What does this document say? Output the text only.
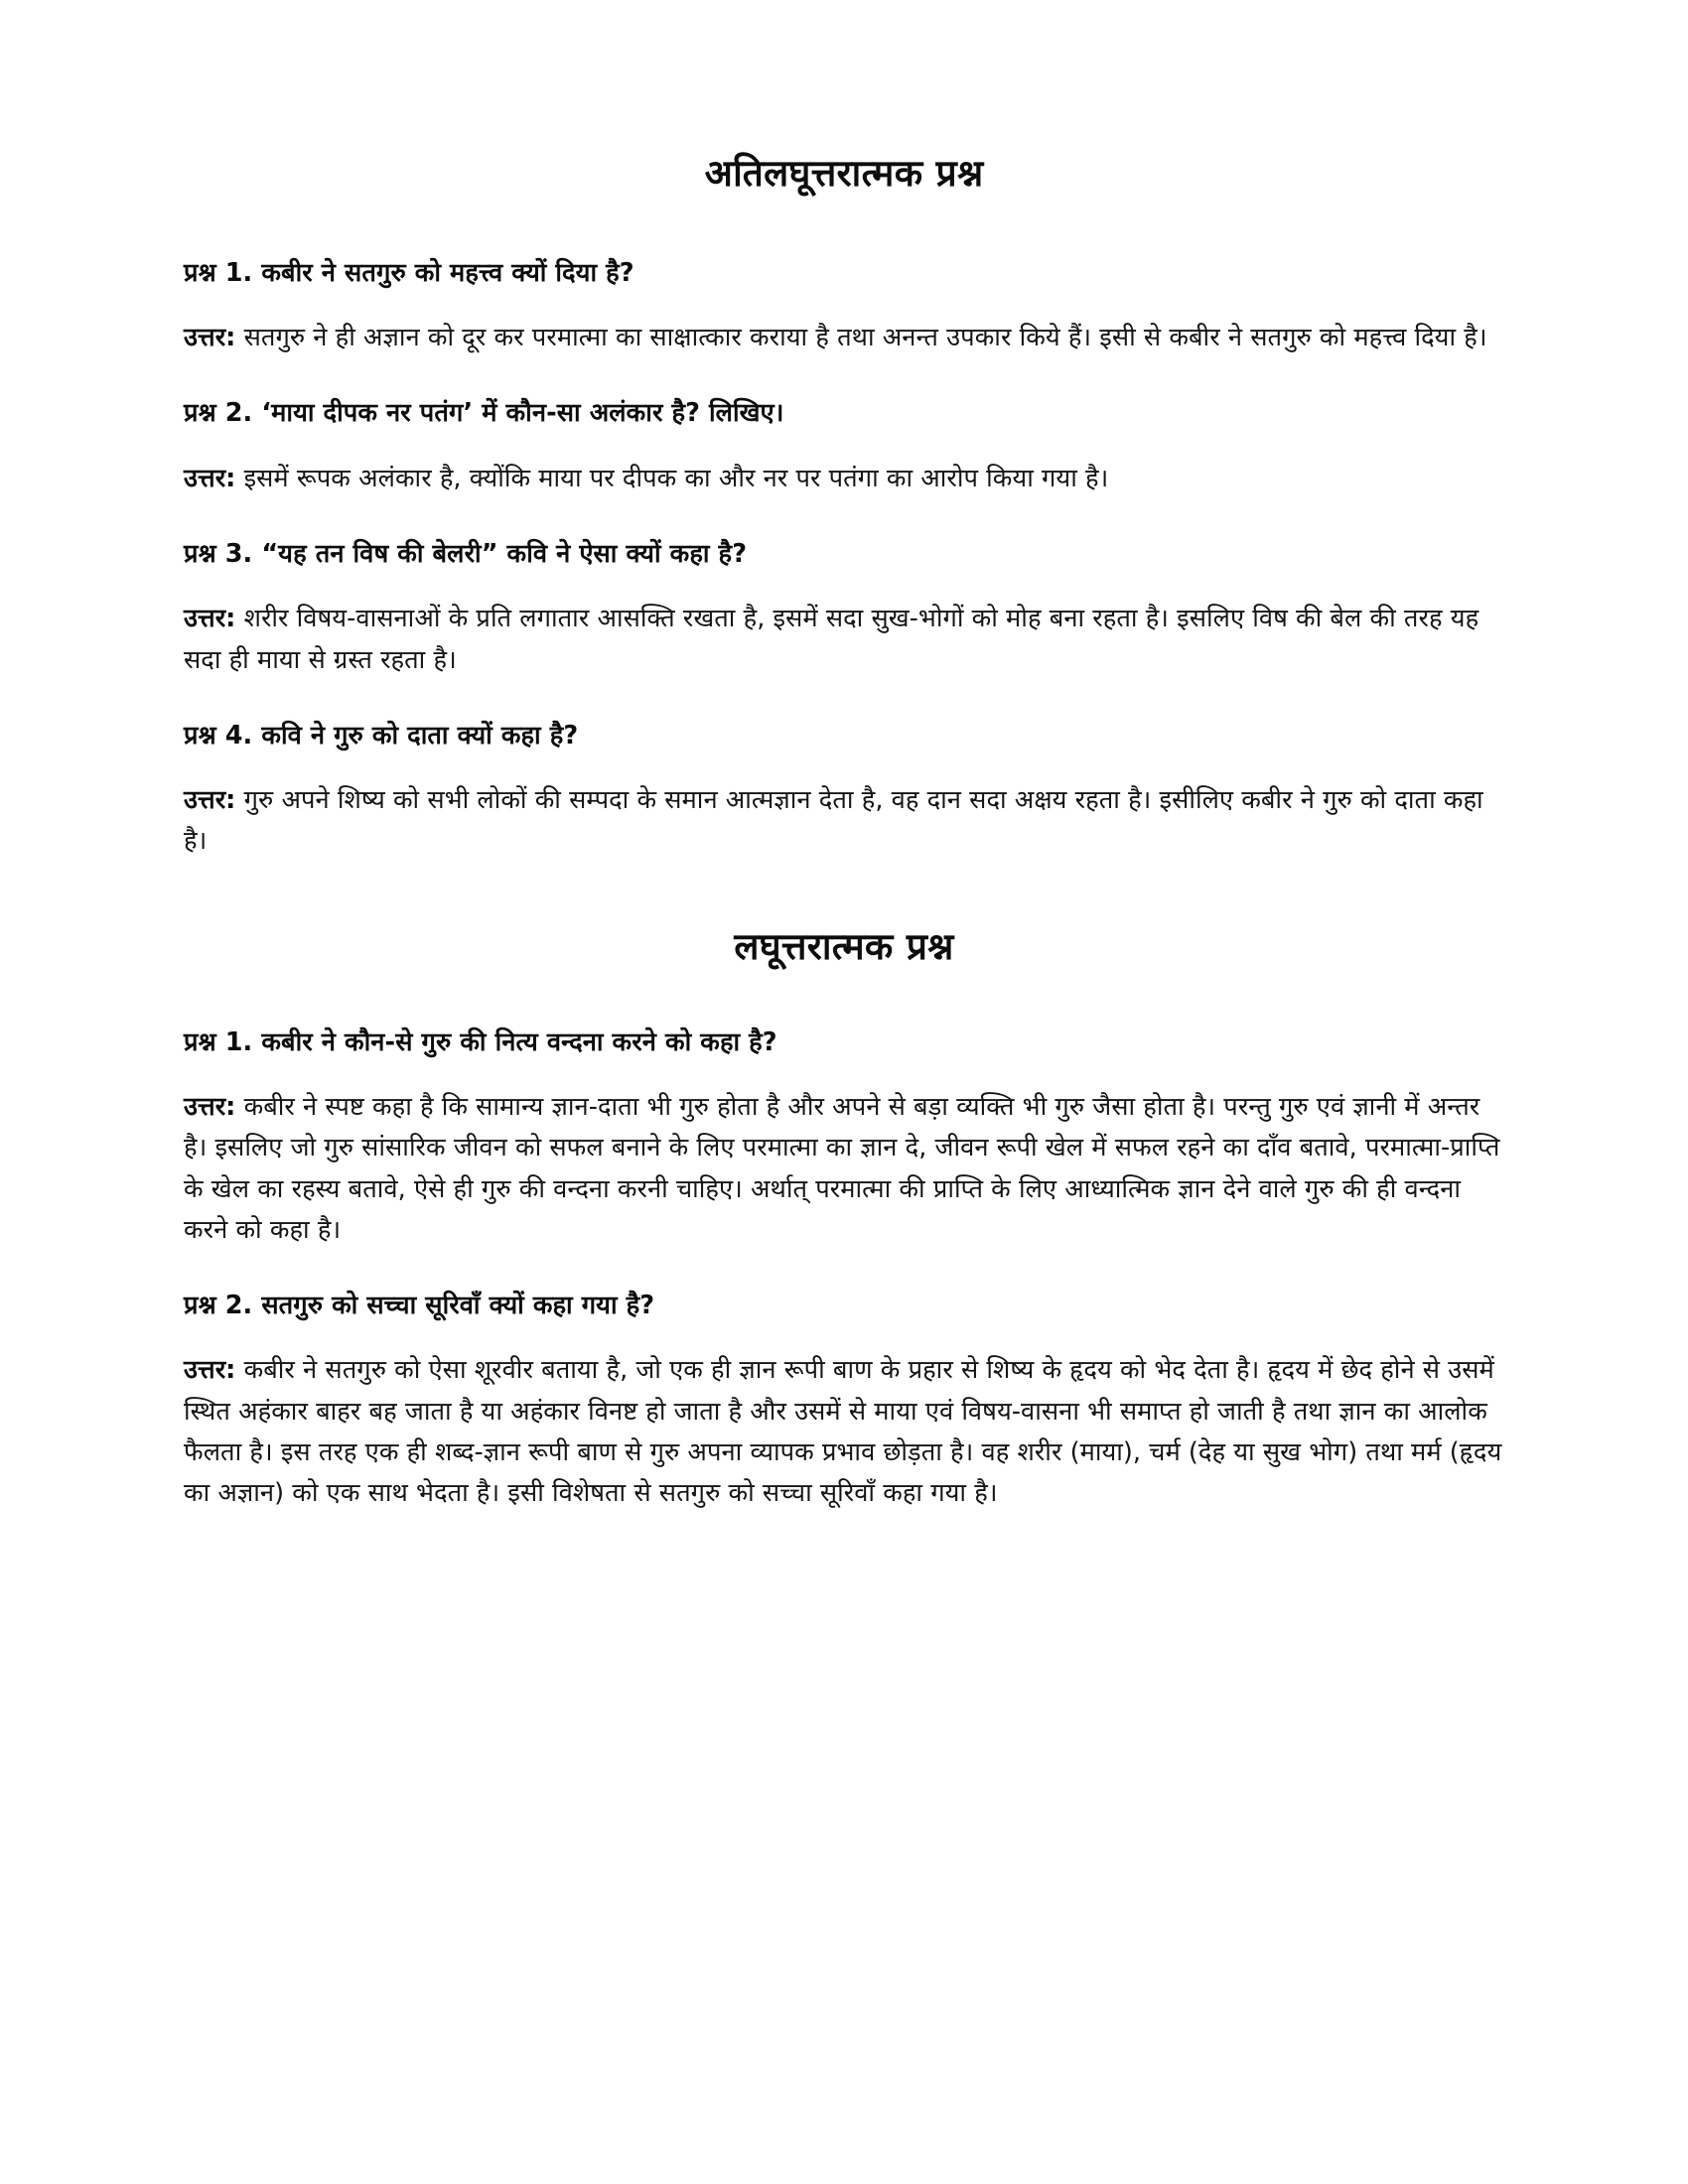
अतिलघूत्तरात्मक प्रश्न

प्रश्न 1. कबीर ने सतगुरु को महत्त्व क्यों दिया है?

उत्तर: सतगुरु ने ही अज्ञान को दूर कर परमात्मा का साक्षात्कार कराया है तथा अनन्त उपकार किये हैं। इसी से कबीर ने सतगुरु को महत्त्व दिया है।

प्रश्न 2. ‘माया दीपक नर पतंग’ में कौन-सा अलंकार है? लिखिए।

उत्तर: इसमें रूपक अलंकार है, क्योंकि माया पर दीपक का और नर पर पतंगा का आरोप किया गया है।

प्रश्न 3. “यह तन विष की बेलरी” कवि ने ऐसा क्यों कहा है?

उत्तर: शरीर विषय-वासनाओं के प्रति लगातार आसक्ति रखता है, इसमें सदा सुख-भोगों को मोह बना रहता है। इसलिए विष की बेल की तरह यह सदा ही माया से ग्रस्त रहता है।

प्रश्न 4. कवि ने गुरु को दाता क्यों कहा है?

उत्तर: गुरु अपने शिष्य को सभी लोकों की सम्पदा के समान आत्मज्ञान देता है, वह दान सदा अक्षय रहता है। इसीलिए कबीर ने गुरु को दाता कहा है।

लघूत्तरात्मक प्रश्न

प्रश्न 1. कबीर ने कौन-से गुरु की नित्य वन्दना करने को कहा है?

उत्तर: कबीर ने स्पष्ट कहा है कि सामान्य ज्ञान-दाता भी गुरु होता है और अपने से बड़ा व्यक्ति भी गुरु जैसा होता है। परन्तु गुरु एवं ज्ञानी में अन्तर है। इसलिए जो गुरु सांसारिक जीवन को सफल बनाने के लिए परमात्मा का ज्ञान दे, जीवन रूपी खेल में सफल रहने का दाँव बतावे, परमात्मा-प्राप्ति के खेल का रहस्य बतावे, ऐसे ही गुरु की वन्दना करनी चाहिए। अर्थात् परमात्मा की प्राप्ति के लिए आध्यात्मिक ज्ञान देने वाले गुरु की ही वन्दना करने को कहा है।

प्रश्न 2. सतगुरु को सच्चा सूरिवाँ क्यों कहा गया है?

उत्तर: कबीर ने सतगुरु को ऐसा शूरवीर बताया है, जो एक ही ज्ञान रूपी बाण के प्रहार से शिष्य के हृदय को भेद देता है। हृदय में छेद होने से उसमें स्थित अहंकार बाहर बह जाता है या अहंकार विनष्ट हो जाता है और उसमें से माया एवं विषय-वासना भी समाप्त हो जाती है तथा ज्ञान का आलोक फैलता है। इस तरह एक ही शब्द-ज्ञान रूपी बाण से गुरु अपना व्यापक प्रभाव छोड़ता है। वह शरीर (माया), चर्म (देह या सुख भोग) तथा मर्म (हृदय का अज्ञान) को एक साथ भेदता है। इसी विशेषता से सतगुरु को सच्चा सूरिवाँ कहा गया है।
